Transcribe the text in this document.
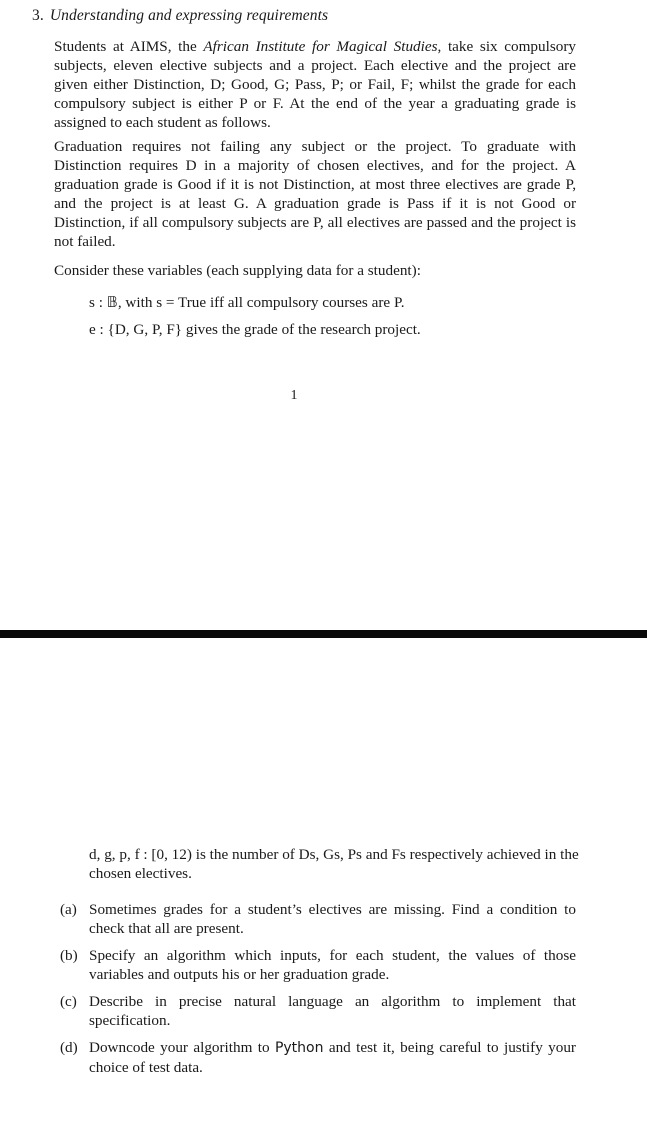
3. Understanding and expressing requirements
Students at AIMS, the African Institute for Magical Studies, take six compulsory subjects, eleven elective subjects and a project. Each elective and the project are given either Distinction, D; Good, G; Pass, P; or Fail, F; whilst the grade for each compulsory subject is either P or F. At the end of the year a graduating grade is assigned to each student as follows.
Graduation requires not failing any subject or the project. To graduate with Distinction requires D in a majority of chosen electives, and for the project. A graduation grade is Good if it is not Distinction, at most three electives are grade P, and the project is at least G. A graduation grade is Pass if it is not Good or Distinction, if all compulsory subjects are P, all electives are passed and the project is not failed.
Consider these variables (each supplying data for a student):
s : 𝔹, with s = True iff all compulsory courses are P.
e : {D, G, P, F} gives the grade of the research project.
1
d, g, p, f : [0, 12) is the number of Ds, Gs, Ps and Fs respectively achieved in the chosen electives.
(a) Sometimes grades for a student’s electives are missing. Find a condition to check that all are present.
(b) Specify an algorithm which inputs, for each student, the values of those variables and outputs his or her graduation grade.
(c) Describe in precise natural language an algorithm to implement that specification.
(d) Downcode your algorithm to Python and test it, being careful to justify your choice of test data.
